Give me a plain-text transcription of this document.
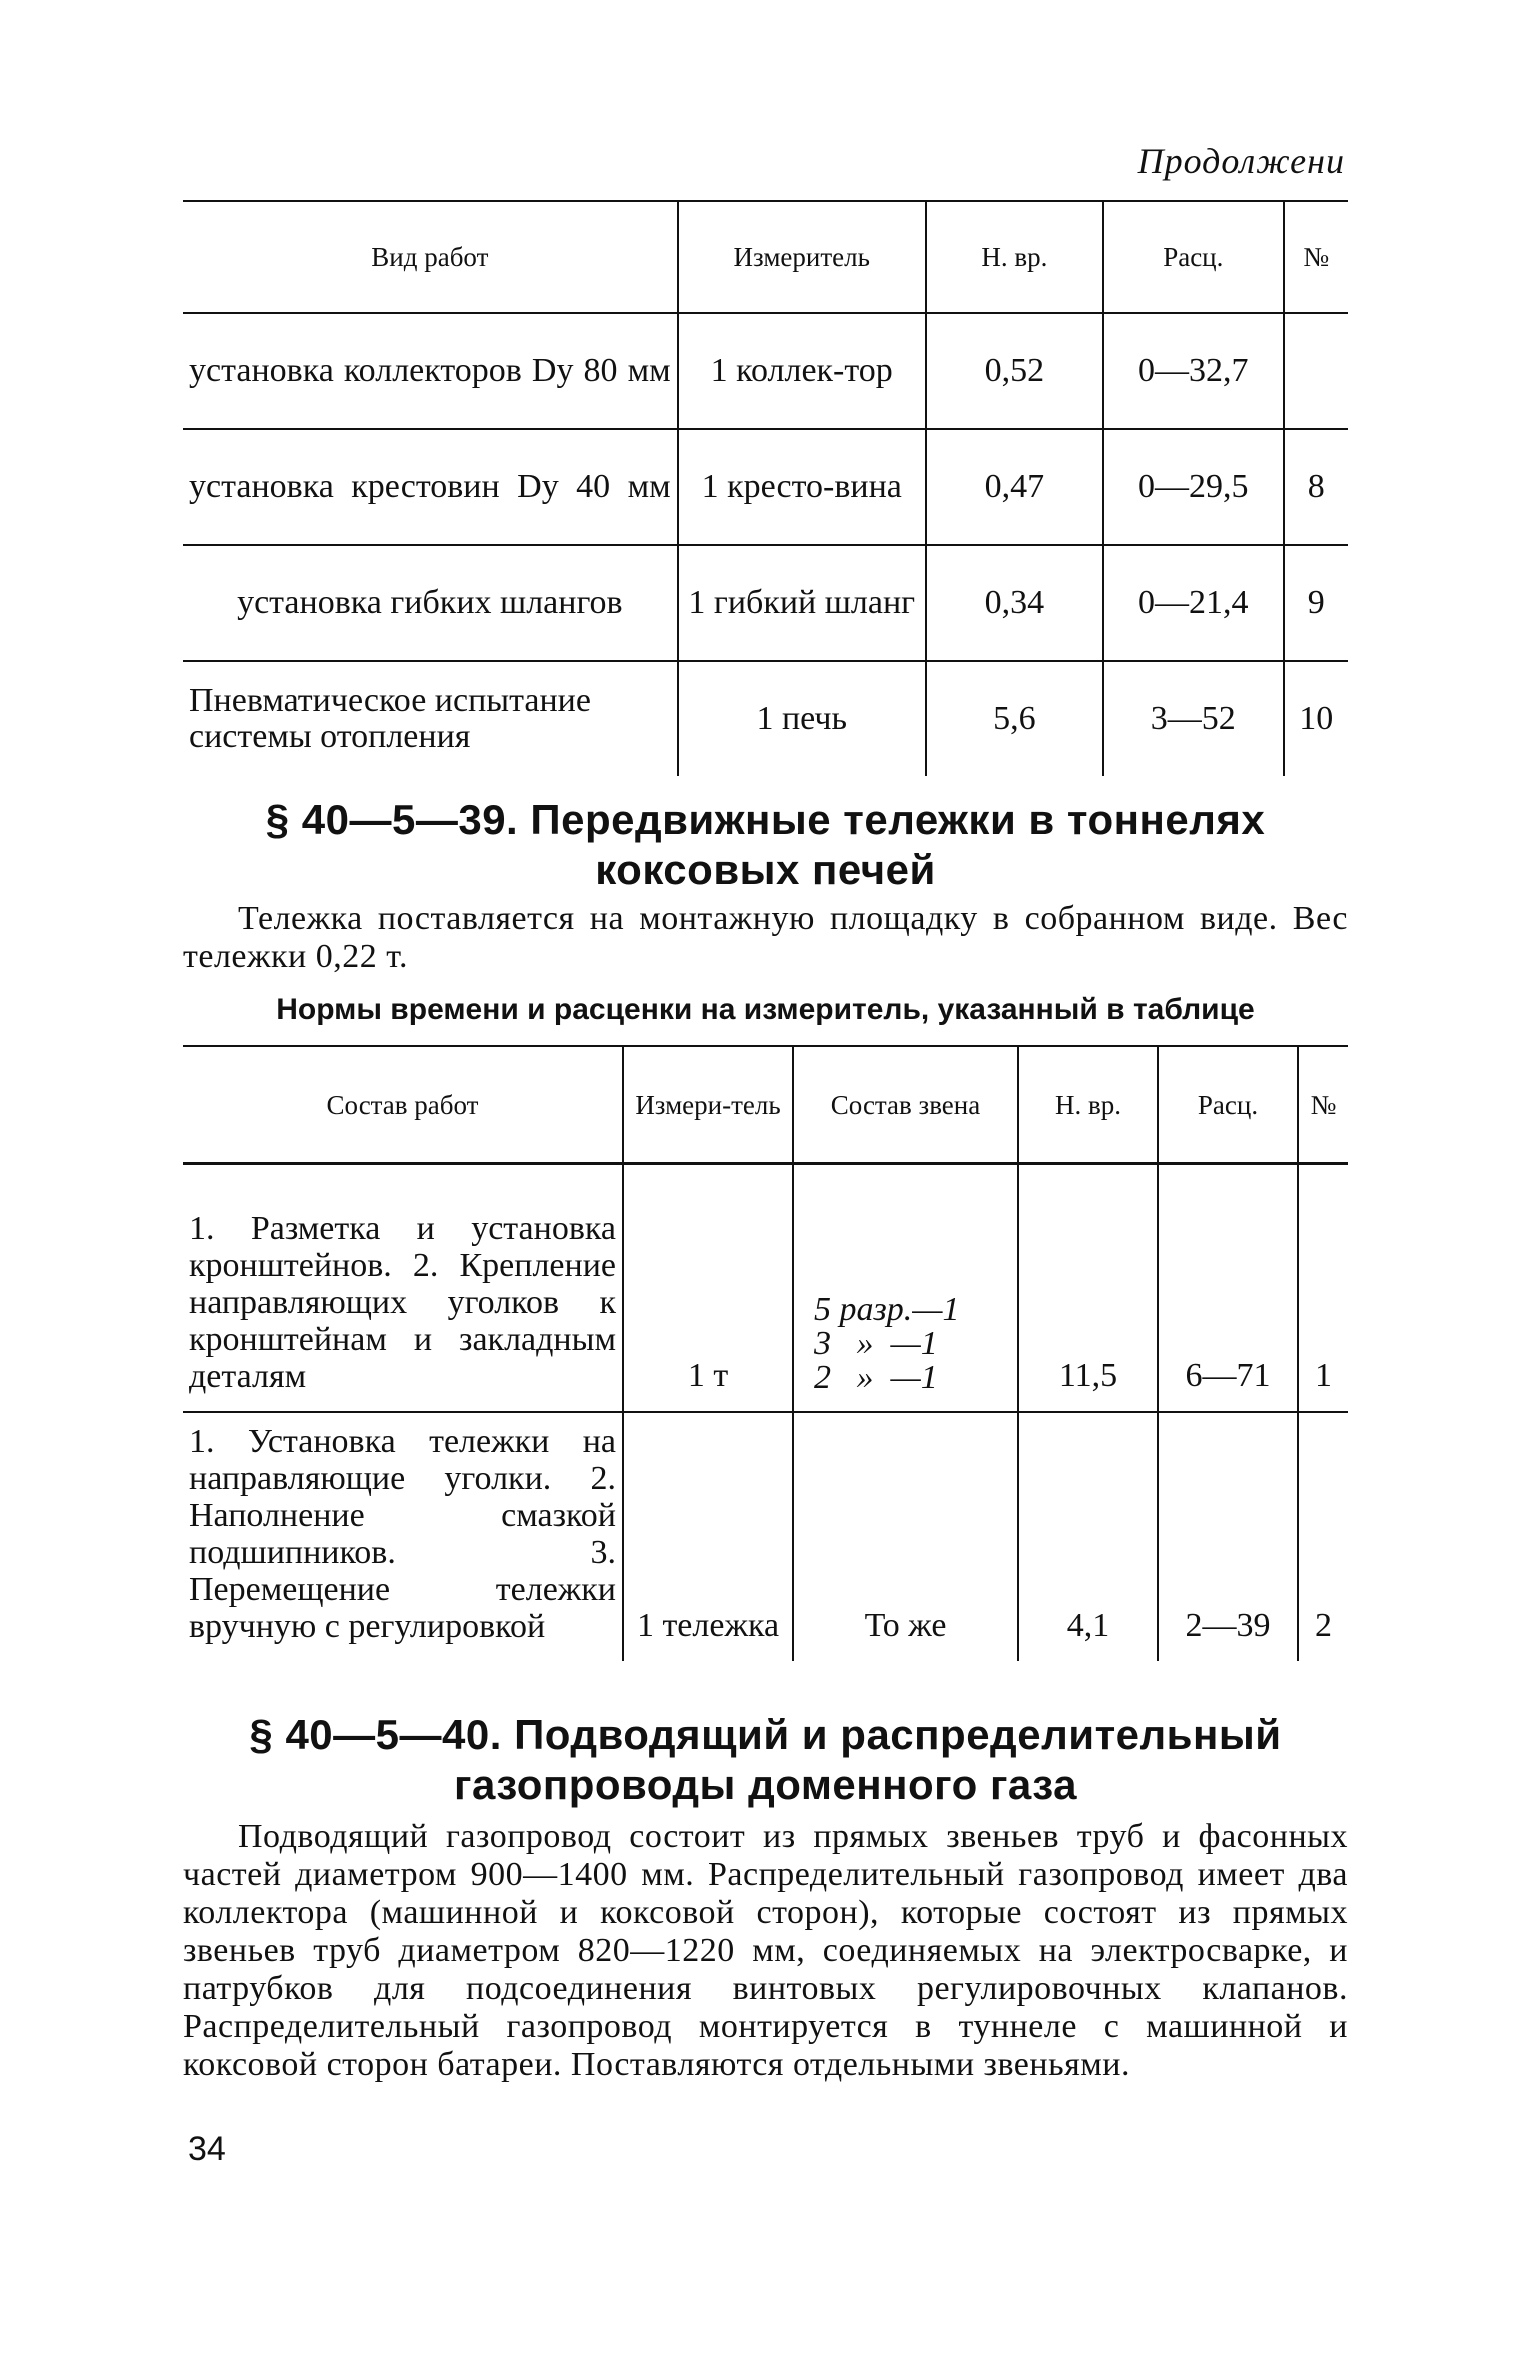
Продолжени
Вид работ	Измеритель	Н. вр.	Расц.	№
установка коллекторов Dy 80 мм	1 коллек-тор	0,52	0—32,7	
установка крестовин Dy 40 мм	1 кресто-вина	0,47	0—29,5	8
установка гибких шлангов	1 гибкий шланг	0,34	0—21,4	9
Пневматическое испытание системы отопления	1 печь	5,6	3—52	10
§ 40—5—39. Передвижные тележки в тоннелях коксовых печей

Тележка поставляется на монтажную площадку в собранном виде. Вес тележки 0,22 т.

Нормы времени и расценки на измеритель, указанный в таблице
Состав работ	Измери-тель	Состав звена	Н. вр.	Расц.	№
1. Разметка и установка кронштейнов. 2. Крепление направляющих уголков к кронштейнам и закладным деталям	1 т	5 разр.—1
3   »  —1
2   »  —1	11,5	6—71	1
1. Установка тележки на направляющие уголки. 2. Наполнение смазкой подшипников. 3. Перемещение тележки вручную с регулировкой	1 тележка	То же	4,1	2—39	2
§ 40—5—40. Подводящий и распределительный газопроводы доменного газа

Подводящий газопровод состоит из прямых звеньев труб и фасонных частей диаметром 900—1400 мм. Распределительный газопровод имеет два коллектора (машинной и коксовой сторон), которые состоят из прямых звеньев труб диаметром 820—1220 мм, соединяемых на электросварке, и патрубков для подсоединения винтовых регулировочных клапанов. Распределительный газопровод монтируется в туннеле с машинной и коксовой сторон батареи. Поставляются отдельными звеньями.

34
